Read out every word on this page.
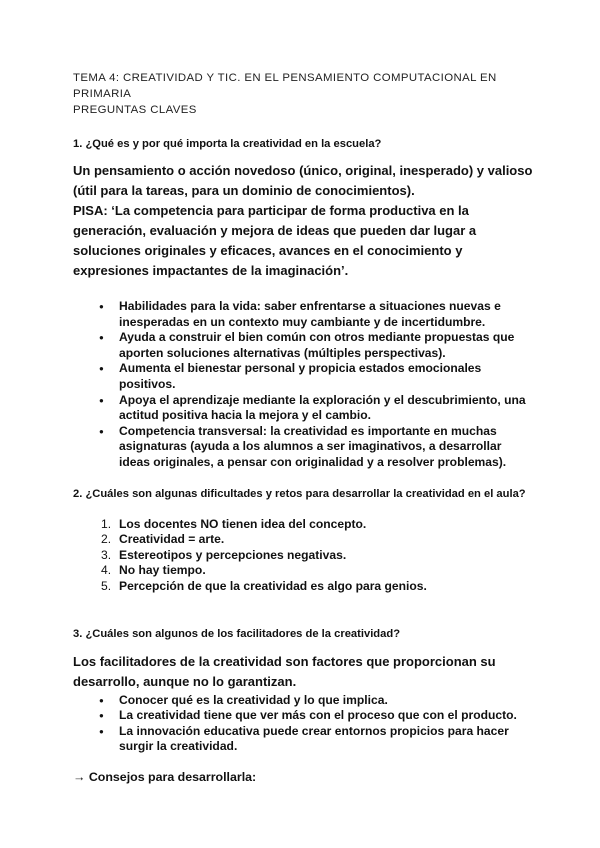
TEMA 4: CREATIVIDAD Y TIC. EN EL PENSAMIENTO COMPUTACIONAL EN PRIMARIA
PREGUNTAS CLAVES

1. ¿Qué es y por qué importa la creatividad en la escuela?

Un pensamiento o acción novedoso (único, original, inesperado) y valioso (útil para la tareas, para un dominio de conocimientos).

PISA: ‘La competencia para participar de forma productiva en la generación, evaluación y mejora de ideas que pueden dar lugar a soluciones originales y eficaces, avances en el conocimiento y expresiones impactantes de la imaginación’.

● Habilidades para la vida: saber enfrentarse a situaciones nuevas e inesperadas en un contexto muy cambiante y de incertidumbre.
● Ayuda a construir el bien común con otros mediante propuestas que aporten soluciones alternativas (múltiples perspectivas).
● Aumenta el bienestar personal y propicia estados emocionales positivos.
● Apoya el aprendizaje mediante la exploración y el descubrimiento, una actitud positiva hacia la mejora y el cambio.
● Competencia transversal: la creatividad es importante en muchas asignaturas (ayuda a los alumnos a ser imaginativos, a desarrollar ideas originales, a pensar con originalidad y a resolver problemas).

2. ¿Cuáles son algunas dificultades y retos para desarrollar la creatividad en el aula?

1. Los docentes NO tienen idea del concepto.
2. Creatividad = arte.
3. Estereotipos y percepciones negativas.
4. No hay tiempo.
5. Percepción de que la creatividad es algo para genios.

3. ¿Cuáles son algunos de los facilitadores de la creatividad?

Los facilitadores de la creatividad son factores que proporcionan su desarrollo, aunque no lo garantizan.

● Conocer qué es la creatividad y lo que implica.
● La creatividad tiene que ver más con el proceso que con el producto.
● La innovación educativa puede crear entornos propicios para hacer surgir la creatividad.

→ Consejos para desarrollarla:
